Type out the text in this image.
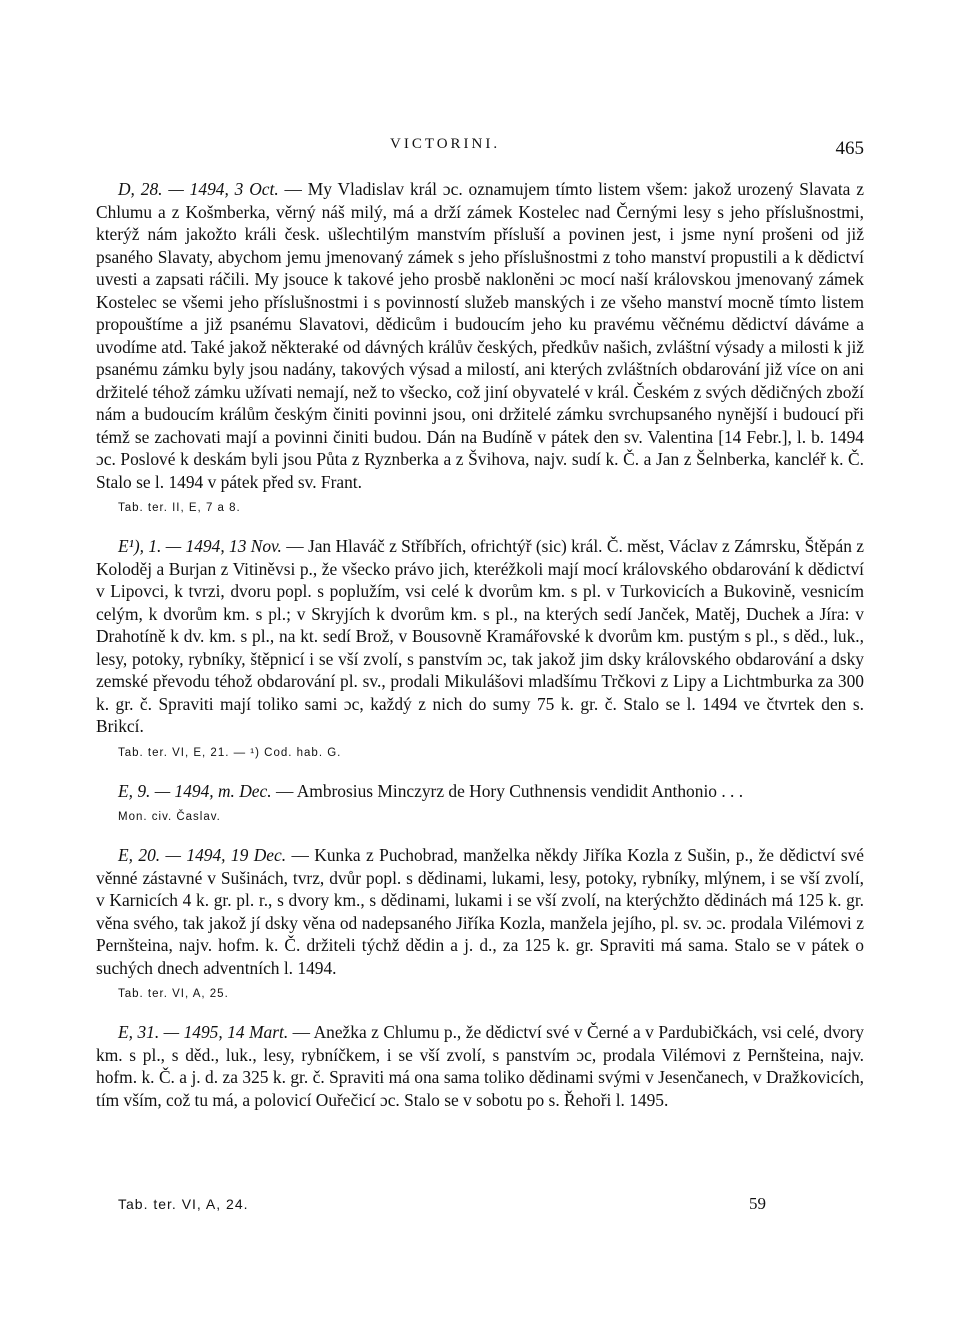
VICTORINI.	465

D, 28. — 1494, 3 Oct. — My Vladislav král ɔc. oznamujem tímto listem všem: jakož urozený Slavata z Chlumu a z Košmberka, věrný náš milý, má a drží zámek Kostelec nad Černými lesy s jeho příslušnostmi, kterýž nám jakožto králi česk. ušlechtilým manstvím přísluší a povinen jest, i jsme nyní prošeni od již psaného Slavaty, abychom jemu jmenovaný zámek s jeho příslušnostmi z toho manství propustili a k dědictví uvesti a zapsati ráčili. My jsouce k takové jeho prosbě nakloněni ɔc mocí naší královskou jmenovaný zámek Kostelec se všemi jeho příslušnostmi i s povinností služeb manských i ze všeho manství mocně tímto listem propouštíme a již psanému Slavatovi, dědicům i budoucím jeho ku pravému věčnému dědictví dáváme a uvodíme atd. Také jakož některaké od dávných králův českých, předkův našich, zvláštní výsady a milosti k již psanému zámku byly jsou nadány, takových výsad a milostí, ani kterých zvláštních obdarování již více on ani držitelé téhož zámku užívati nemají, než to všecko, což jiní obyvatelé v král. Českém z svých dědičných zboží nám a budoucím králům českým činiti povinni jsou, oni držitelé zámku svrchupsaného nynější i budoucí při témž se zachovati mají a povinni činiti budou. Dán na Budíně v pátek den sv. Valentina [14 Febr.], l. b. 1494 ɔc. Poslové k deskám byli jsou Půta z Ryznberka a z Švihova, najv. sudí k. Č. a Jan z Šelnberka, kancléř k. Č. Stalo se l. 1494 v pátek před sv. Frant.

Tab. ter. II, E, 7 a 8.

E¹), 1. — 1494, 13 Nov. — Jan Hlaváč z Stříbřích, ofrichtýř (sic) král. Č. měst, Václav z Zámrsku, Štěpán z Koloděj a Burjan z Vitiněvsi p., že všecko právo jich, kteréžkoli mají mocí královského obdarování k dědictví v Lipovci, k tvrzi, dvoru popl. s poplužím, vsi celé k dvorům km. s pl. v Turkovicích a Bukovině, vesnicím celým, k dvorům km. s pl.; v Skryjích k dvorům km. s pl., na kterých sedí Janček, Matěj, Duchek a Jíra: v Drahotíně k dv. km. s pl., na kt. sedí Brož, v Bousovně Kramářovské k dvorům km. pustým s pl., s děd., luk., lesy, potoky, rybníky, štěpnicí i se vší zvolí, s panstvím ɔc, tak jakož jim dsky královského obdarování a dsky zemské převodu téhož obdarování pl. sv., prodali Mikulášovi mladšímu Trčkovi z Lipy a Lichtmburka za 300 k. gr. č. Spraviti mají toliko sami ɔc, každý z nich do sumy 75 k. gr. č. Stalo se l. 1494 ve čtvrtek den s. Brikcí.

Tab. ter. VI, E, 21. — ¹) Cod. hab. G.

E, 9. — 1494, m. Dec. — Ambrosius Minczyrz de Hory Cuthnensis vendidit Anthonio . . .

Mon. civ. Časlav.

E, 20. — 1494, 19 Dec. — Kunka z Puchobrad, manželka někdy Jiříka Kozla z Sušin, p., že dědictví své věnné zástavné v Sušinách, tvrz, dvůr popl. s dědinami, lukami, lesy, potoky, rybníky, mlýnem, i se vší zvolí, v Karnicích 4 k. gr. pl. r., s dvory km., s dědinami, lukami i se vší zvolí, na kterýchžto dědinách má 125 k. gr. věna svého, tak jakož jí dsky věna od nadepsaného Jiříka Kozla, manžela jejího, pl. sv. ɔc. prodala Vilémovi z Pernšteina, najv. hofm. k. Č. držiteli týchž dědin a j. d., za 125 k. gr. Spraviti má sama. Stalo se v pátek o suchých dnech adventních l. 1494.

Tab. ter. VI, A, 25.

E, 31. — 1495, 14 Mart. — Anežka z Chlumu p., že dědictví své v Černé a v Pardubičkách, vsi celé, dvory km. s pl., s děd., luk., lesy, rybníčkem, i se vší zvolí, s panstvím ɔc, prodala Vilémovi z Pernšteina, najv. hofm. k. Č. a j. d. za 325 k. gr. č. Spraviti má ona sama toliko dědinami svými v Jesenčanech, v Dražkovicích, tím vším, což tu má, a polovicí Ouřečicí ɔc. Stalo se v sobotu po s. Řehoři l. 1495.

Tab. ter. VI, A, 24.	59
